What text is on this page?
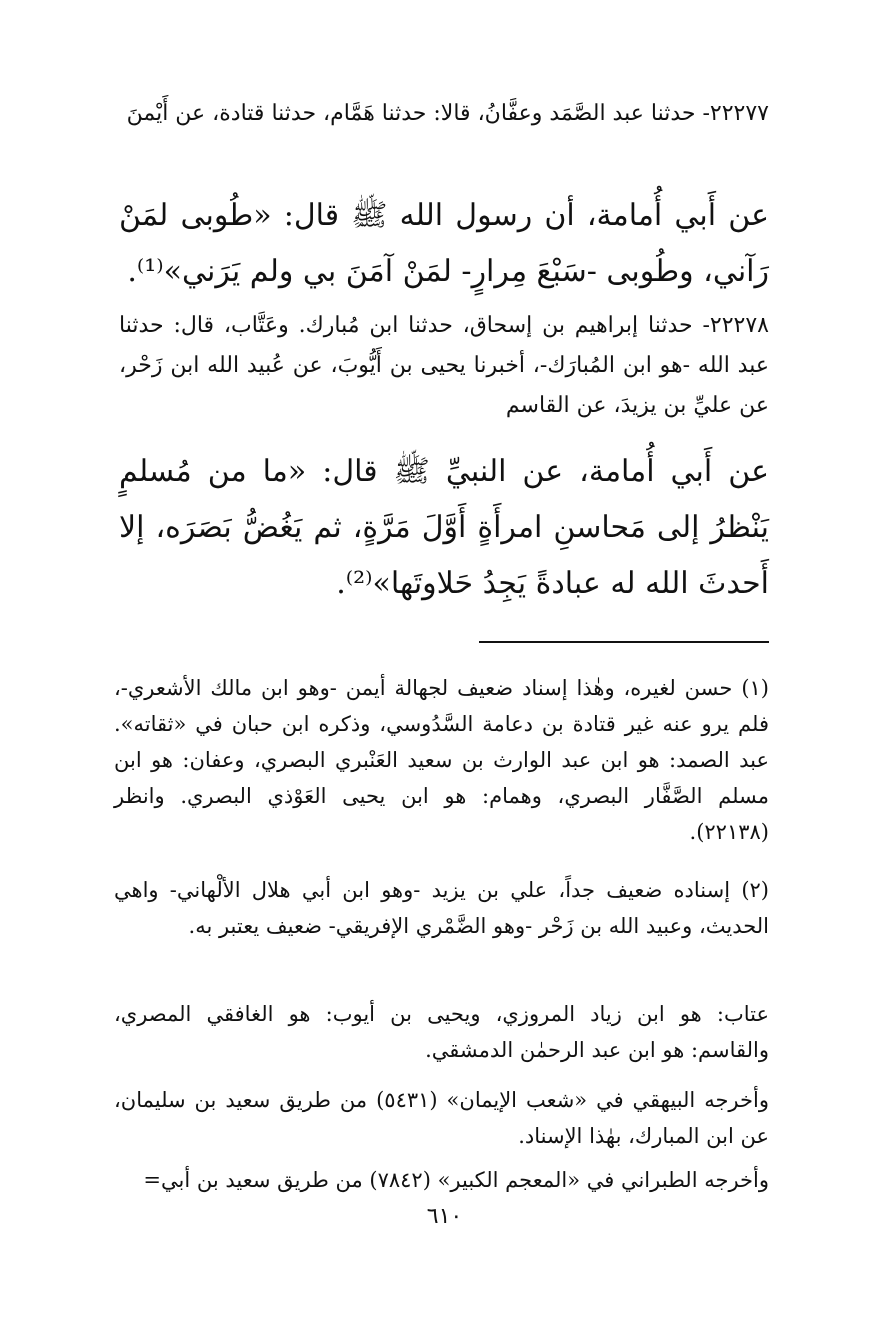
٢٢٢٧٧- حدثنا عبد الصَّمَد وعفَّانُ، قالا: حدثنا هَمَّام، حدثنا قتادة، عن أَيْمنَ

عن أَبي أُمامة، أن رسول الله ﷺ قال: «طُوبى لمَنْ رَآني، وطُوبى -سَبْعَ مِرارٍ- لمَنْ آمَنَ بي ولم يَرَني»⁽¹⁾.

٢٢٢٧٨- حدثنا إبراهيم بن إسحاق، حدثنا ابن مُبارك. وعَتَّاب، قال: حدثنا عبد الله -هو ابن المُبارَك-، أخبرنا يحيى بن أَيُّوبَ، عن عُبيد الله ابن زَحْر، عن عليِّ بن يزيدَ، عن القاسم

عن أَبي أُمامة، عن النبيِّ ﷺ قال: «ما من مُسلمٍ يَنْظرُ إلى مَحاسنِ امرأَةٍ أَوَّلَ مَرَّةٍ، ثم يَغُضُّ بَصَرَه، إلا أَحدثَ الله له عبادةً يَجِدُ حَلاوتَها»⁽²⁾.

(١) حسن لغيره، وهٰذا إسناد ضعيف لجهالة أيمن -وهو ابن مالك الأشعري-، فلم يرو عنه غير قتادة بن دعامة السَّدُوسي، وذكره ابن حبان في «ثقاته». عبد الصمد: هو ابن عبد الوارث بن سعيد العَنْبري البصري، وعفان: هو ابن مسلم الصَّفَّار البصري، وهمام: هو ابن يحيى العَوْذي البصري. وانظر (٢٢١٣٨).

(٢) إسناده ضعيف جداً، علي بن يزيد -وهو ابن أبي هلال الألْهاني- واهي الحديث، وعبيد الله بن زَحْر -وهو الضَّمْري الإفريقي- ضعيف يعتبر به.

عتاب: هو ابن زياد المروزي، ويحيى بن أيوب: هو الغافقي المصري، والقاسم: هو ابن عبد الرحمٰن الدمشقي.

وأخرجه البيهقي في «شعب الإيمان» (٥٤٣١) من طريق سعيد بن سليمان، عن ابن المبارك، بهٰذا الإسناد.

وأخرجه الطبراني في «المعجم الكبير» (٧٨٤٢) من طريق سعيد بن أبي=

٦١٠
